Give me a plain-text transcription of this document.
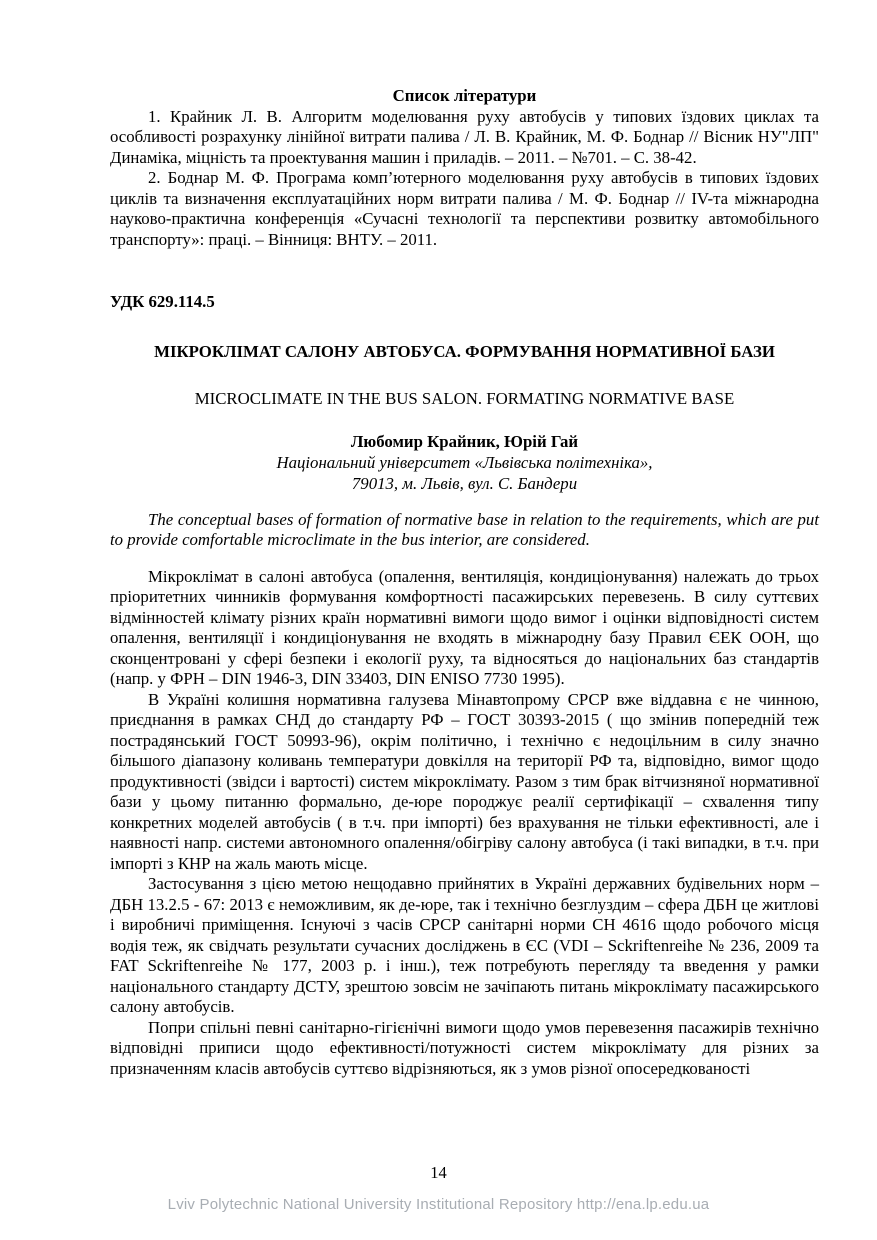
Список літератури

1. Крайник Л. В. Алгоритм моделювання руху автобусів у типових їздових циклах та особливості розрахунку лінійної витрати палива / Л. В. Крайник, М. Ф. Боднар // Вісник НУ"ЛП" Динаміка, міцність та проектування машин і приладів. – 2011. – №701. – С. 38-42.

2. Боднар М. Ф. Програма комп’ютерного моделювання руху автобусів в типових їздових циклів та визначення експлуатаційних норм витрати палива / М. Ф. Боднар // IV-та міжнародна науково-практична конференція «Сучасні технології та перспективи розвитку автомобільного транспорту»: праці. – Вінниця: ВНТУ. – 2011.

УДК 629.114.5

МІКРОКЛІМАТ САЛОНУ АВТОБУСА. ФОРМУВАННЯ НОРМАТИВНОЇ БАЗИ

MICROCLIMATE IN THE BUS SALON. FORMATING NORMATIVE BASE

Любомир Крайник, Юрій Гай

Національний університет «Львівська політехніка»,

79013, м. Львів, вул. С. Бандери

The conceptual bases of formation of normative base in relation to the requirements, which are put to provide comfortable microclimate in the bus interior, are considered.

Мікроклімат в салоні автобуса (опалення, вентиляція, кондиціонування) належать до трьох пріоритетних чинників формування комфортності пасажирських перевезень. В силу суттєвих відмінностей клімату різних країн нормативні вимоги щодо вимог і оцінки відповідності систем опалення, вентиляції і кондиціонування не входять в міжнародну базу Правил ЄЕК ООН, що сконцентровані у сфері безпеки і екології руху, та відносяться до національних баз стандартів (напр. у ФРН – DIN 1946-3, DIN 33403, DIN ENISO 7730 1995).

В Україні колишня нормативна галузева Мінавтопрому СРСР вже віддавна є не чинною, приєднання в рамках СНД до стандарту РФ – ГОСТ 30393-2015 ( що змінив попередній теж пострадянський ГОСТ 50993-96), окрім політично, і технічно є недоцільним в силу значно більшого діапазону коливань температури довкілля на території РФ та, відповідно, вимог щодо продуктивності (звідси і вартості) систем мікроклімату. Разом з тим брак вітчизняної нормативної бази у цьому питанню формально, де-юре породжує реалії сертифікації – схвалення типу конкретних моделей автобусів ( в т.ч. при імпорті) без врахування не тільки ефективності, але і наявності напр. системи автономного опалення/обігріву салону автобуса (і такі випадки, в т.ч. при імпорті з КНР на жаль мають місце.

Застосування з цією метою нещодавно прийнятих в Україні державних будівельних норм – ДБН 13.2.5 - 67: 2013 є неможливим, як де-юре, так і технічно безглуздим – сфера ДБН це житлові і виробничі приміщення. Існуючі з часів СРСР санітарні норми СН 4616 щодо робочого місця водія теж, як свідчать результати сучасних досліджень в ЄС (VDI – Sckriftenreihe № 236, 2009 та FAT Sckriftenreihe № 177, 2003 р. і інш.), теж потребують перегляду та введення у рамки національного стандарту ДСТУ, зрештою зовсім не зачіпають питань мікроклімату пасажирського салону автобусів.

Попри спільні певні санітарно-гігієнічні вимоги щодо умов перевезення пасажирів технічно відповідні приписи щодо ефективності/потужності систем мікроклімату для різних за призначенням класів автобусів суттєво відрізняються, як з умов різної опосередкованості

14
Lviv Polytechnic National University Institutional Repository http://ena.lp.edu.ua
